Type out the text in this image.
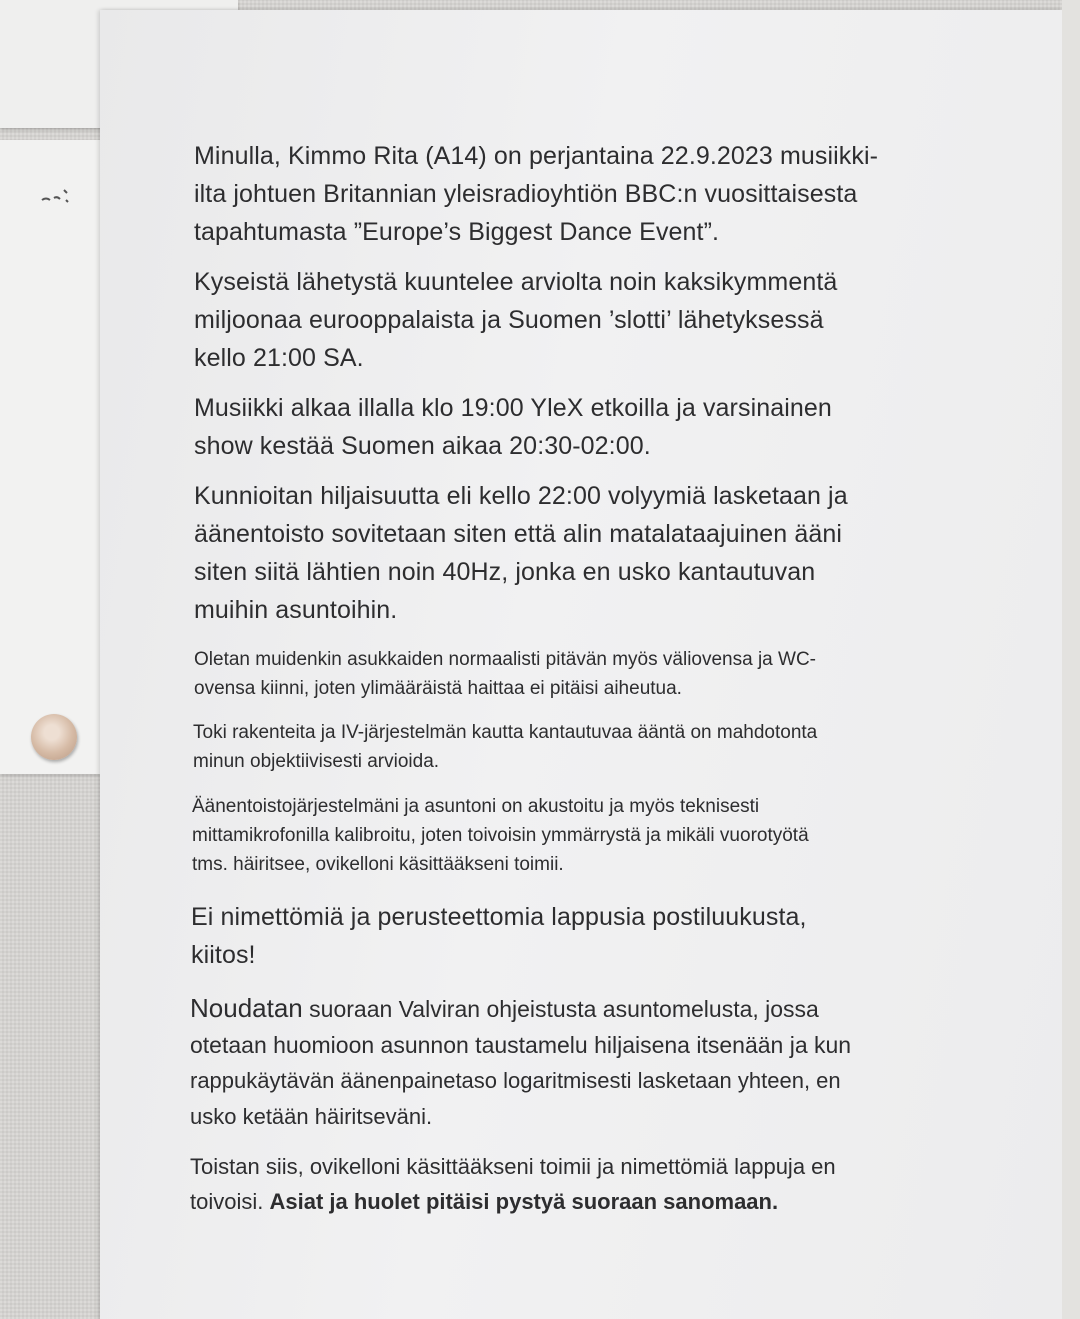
Minulla, Kimmo Rita (A14) on perjantaina 22.9.2023 musiikki-
ilta johtuen Britannian yleisradioyhtiön BBC:n vuosittaisesta
tapahtumasta ”Europe’s Biggest Dance Event”.
Kyseistä lähetystä kuuntelee arviolta noin kaksikymmentä
miljoonaa eurooppalaista ja Suomen ’slotti’ lähetyksessä
kello 21:00 SA.
Musiikki alkaa illalla klo 19:00 YleX etkoilla ja varsinainen
show kestää Suomen aikaa 20:30-02:00.
Kunnioitan hiljaisuutta eli kello 22:00 volyymiä lasketaan ja
äänentoisto sovitetaan siten että alin matalataajuinen ääni
siten siitä lähtien noin 40Hz, jonka en usko kantautuvan
muihin asuntoihin.
Oletan muidenkin asukkaiden normaalisti pitävän myös väliovensa ja WC-
ovensa kiinni, joten ylimääräistä haittaa ei pitäisi aiheutua.
Toki rakenteita ja IV-järjestelmän kautta kantautuvaa ääntä on mahdotonta
minun objektiivisesti arvioida.
Äänentoistojärjestelmäni ja asuntoni on akustoitu ja myös teknisesti
mittamikrofonilla kalibroitu, joten toivoisin ymmärrystä ja mikäli vuorotyötä
tms. häiritsee, ovikelloni käsittääkseni toimii.
Ei nimettömiä ja perusteettomia lappusia postiluukusta,
kiitos!
Noudatan suoraan Valviran ohjeistusta asuntomelusta, jossa
otetaan huomioon asunnon taustamelu hiljaisena itsenään ja kun
rappukäytävän äänenpainetaso logaritmisesti lasketaan yhteen, en
usko ketään häiritseväni.
Toistan siis, ovikelloni käsittääkseni toimii ja nimettömiä lappuja en
toivoisi. Asiat ja huolet pitäisi pystyä suoraan sanomaan.
